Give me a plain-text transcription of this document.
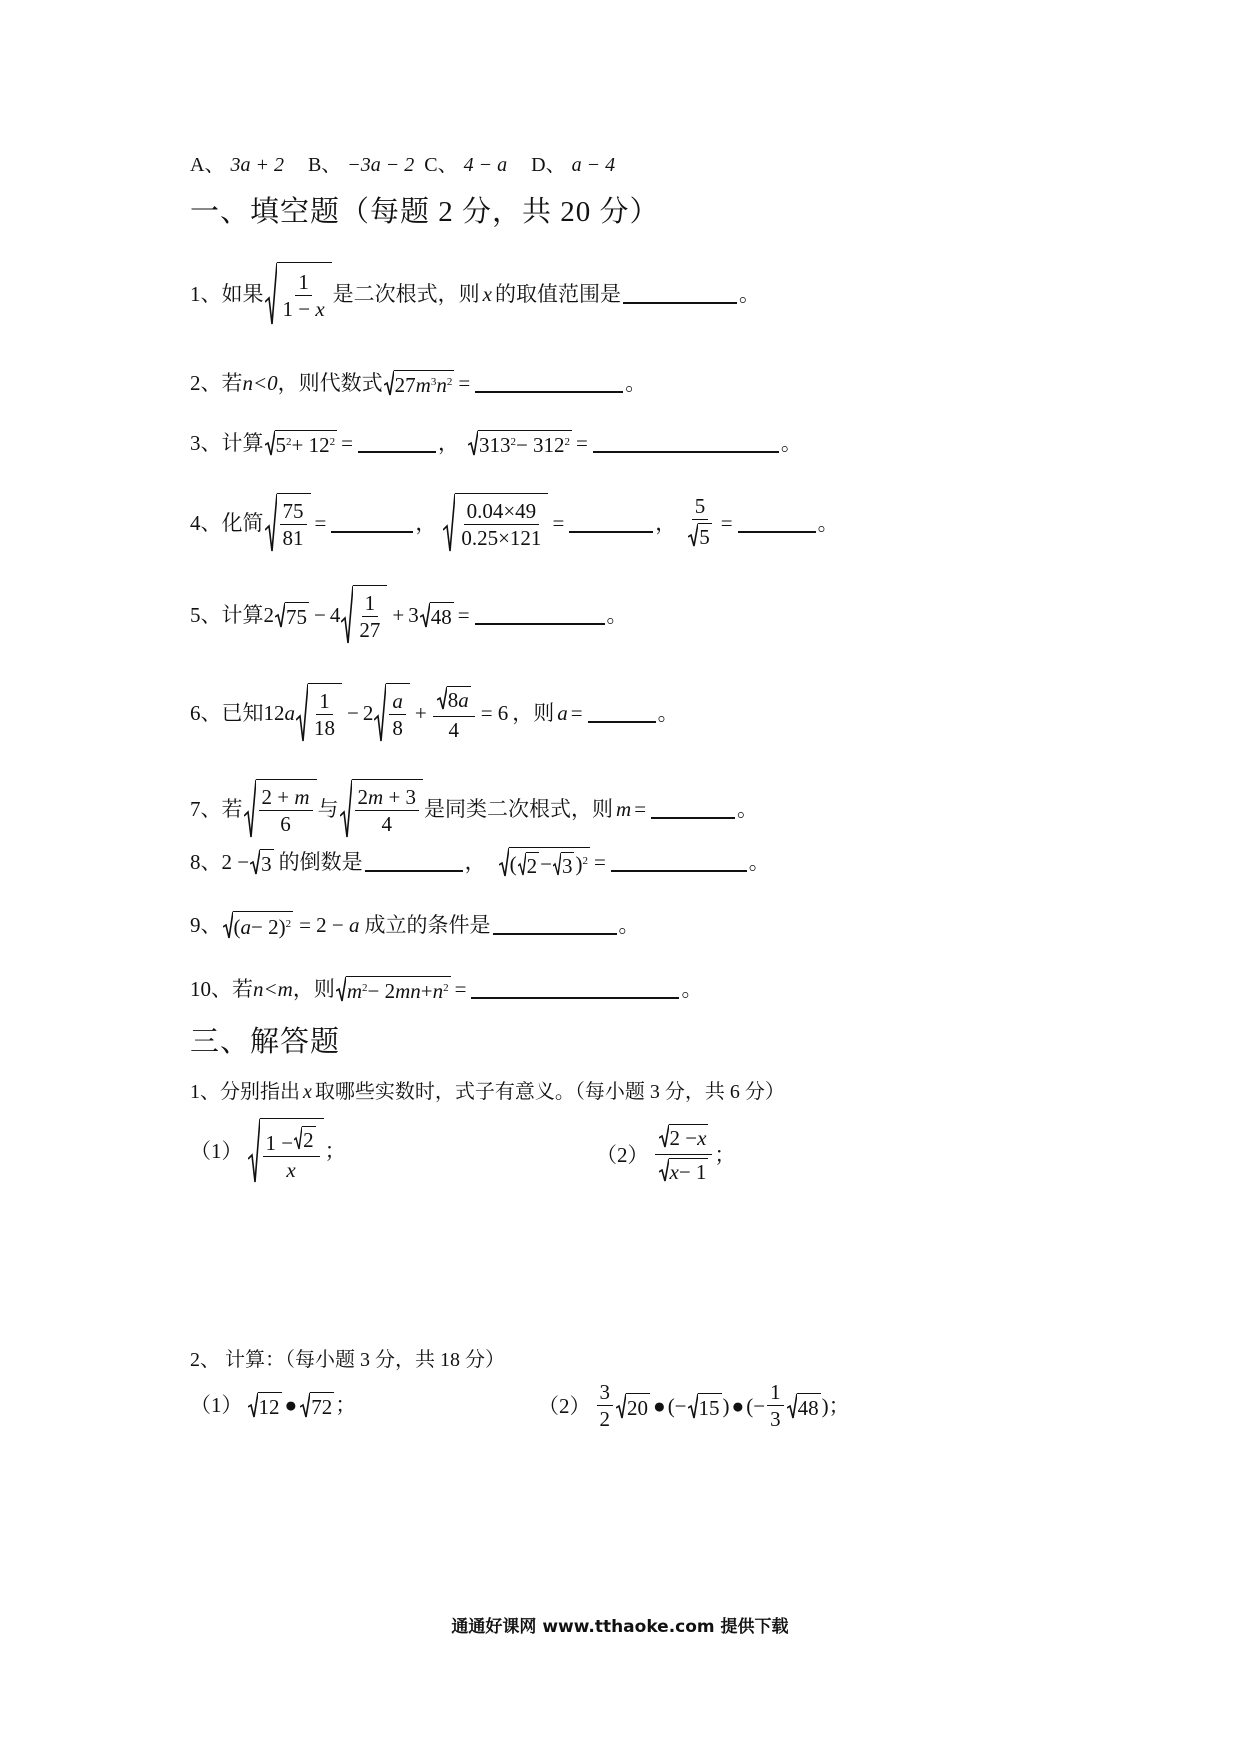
A、 3a + 2 B、 −3a − 2 C、 4 − a D、 a − 4
一、填空题（每题 2 分，共 20 分）
1、 如果 $\frac{1}{1 - x}$ 是二次根式，则 x 的取值范围是	。
2、 若 n<0 ，则代数式 27 $m^3$ $n^2$ =	。
3、 计算 $5^2 + 12^2$ =	， $313^2 - 312^2$ =	。
4、 化简 $\frac{75}{81}$ =	， $\frac{0.04\times 49}{0.25\times 121}$ =	， $\frac{5}{5}$ =	。
5、 计算 2 $75 - 4 \frac{1}{27} + 3$ 48 =	。
6、 已知 12 a $\frac{1}{18} - 2 \frac{a}{8} + \frac{8 a}{4} = 6$ ，则 a =	。
7、 若 $\frac{2 + m}{6}$ 与 $\frac{2m + 3}{4}$ 是同类二次根式，则 m =	。
8、 2 − 3 的倒数是	， ( 2 − 3 )$^2$ =	。
9、 ( a − 2)$^2$ = 2 − a 成立的条件是	。
10、 若 n<m ，则 $m^2 - 2$ mn + $n^2$ =	。
三、解答题
1、分别指出 x 取哪些实数时，式子有意义。（每小题 3 分，共 6 分）
$(1) \frac{1 - 2}{x}$ ；	$(2) \frac{2 - x}{x - 1}$ ；
2、 计算：（每小题 3 分，共 18 分）
（1） 12 ● 72 ；	$(2) \frac{3}{2} 20$ ● (− 15 ) ● (− $\frac{1}{3} 48$ ) ；
通通好课网 www.tthaoke.com 提供下载
